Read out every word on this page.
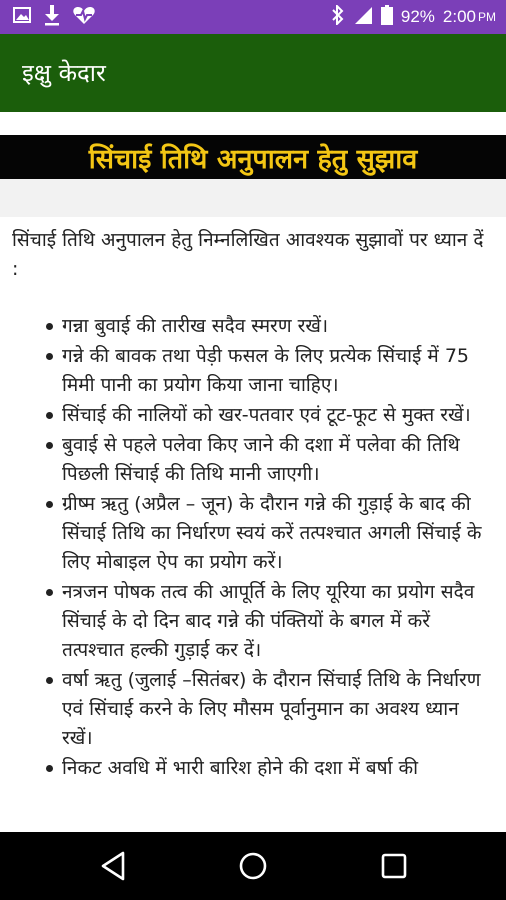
92% 2:00 PM
इक्षु केदार
सिंचाई तिथि अनुपालन हेतु सुझाव
सिंचाई तिथि अनुपालन हेतु निम्नलिखित आवश्यक सुझावों पर ध्यान दें :
गन्ना बुवाई की तारीख सदैव स्मरण रखें।
गन्ने की बावक तथा पेड़ी फसल के लिए प्रत्येक सिंचाई में 75 मिमी पानी का प्रयोग किया जाना चाहिए।
सिंचाई की नालियों को खर-पतवार एवं टूट-फूट से मुक्त रखें।
बुवाई से पहले पलेवा किए जाने की दशा में पलेवा की तिथि पिछली सिंचाई की तिथि मानी जाएगी।
ग्रीष्म ऋतु (अप्रैल – जून) के दौरान गन्ने की गुड़ाई के बाद की सिंचाई तिथि का निर्धारण स्वयं करें तत्पश्चात अगली सिंचाई के लिए मोबाइल ऐप का प्रयोग करें।
नत्रजन पोषक तत्व की आपूर्ति के लिए यूरिया का प्रयोग सदैव सिंचाई के दो दिन बाद गन्ने की पंक्तियों के बगल में करें तत्पश्चात हल्की गुड़ाई कर दें।
वर्षा ऋतु (जुलाई –सितंबर) के दौरान सिंचाई तिथि के निर्धारण एवं सिंचाई करने के लिए मौसम पूर्वानुमान का अवश्य ध्यान रखें।
निकट अवधि में भारी बारिश होने की दशा में बर्षा की
